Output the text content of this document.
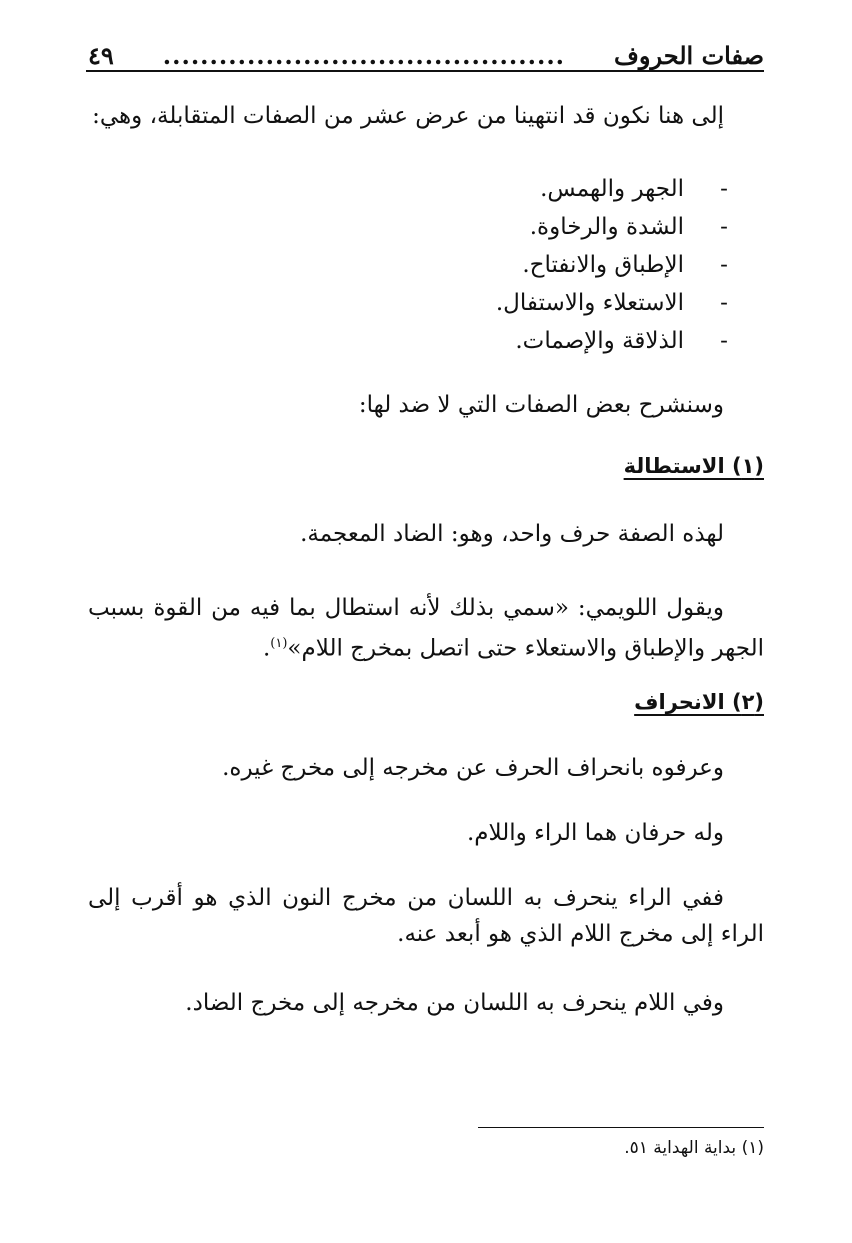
صفات الحروف
...........................................
٤٩

إلى هنا نكون قد انتهينا من عرض عشر من الصفات المتقابلة، وهي:

-
الجهر والهمس.
-
الشدة والرخاوة.
-
الإطباق والانفتاح.
-
الاستعلاء والاستفال.
-
الذلاقة والإصمات.

وسنشرح بعض الصفات التي لا ضد لها:

(١) الاستطالة

لهذه الصفة حرف واحد، وهو: الضاد المعجمة.

ويقول اللويمي: «سمي بذلك لأنه استطال بما فيه من القوة بسبب الجهر والإطباق والاستعلاء حتى اتصل بمخرج اللام»$^{(١)}$.

(٢) الانحراف

وعرفوه بانحراف الحرف عن مخرجه إلى مخرج غيره.

وله حرفان هما الراء واللام.

ففي الراء ينحرف به اللسان من مخرج النون الذي هو أقرب إلى الراء إلى مخرج اللام الذي هو أبعد عنه.

وفي اللام ينحرف به اللسان من مخرجه إلى مخرج الضاد.

(١) بداية الهداية ٥١.
